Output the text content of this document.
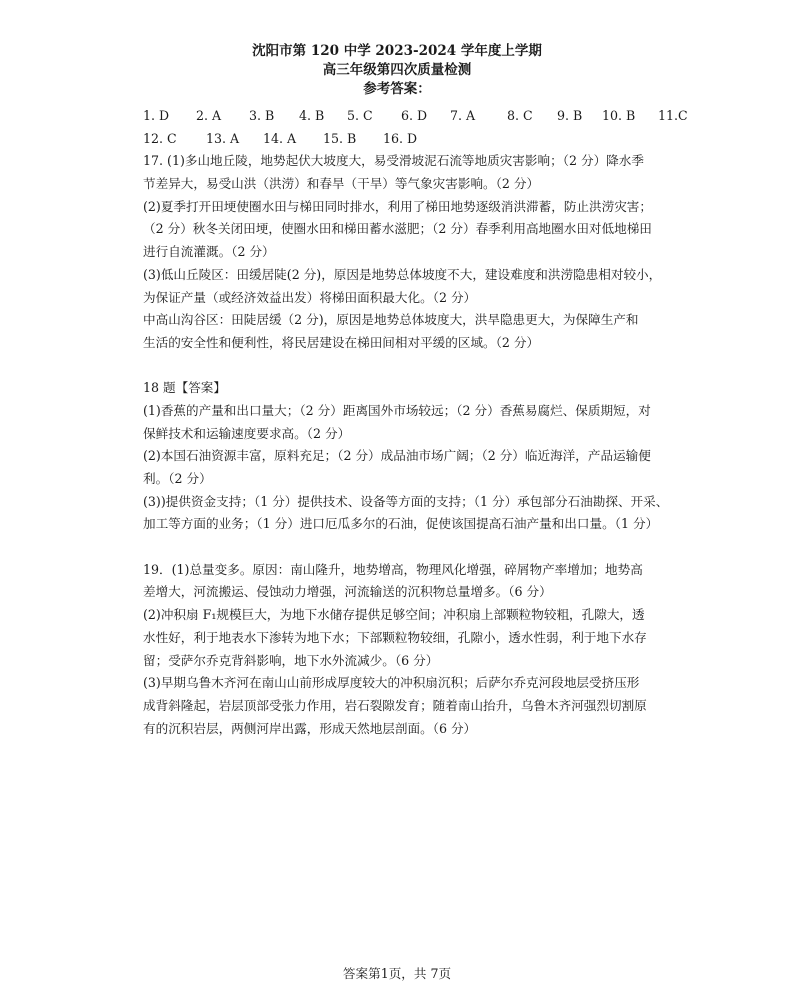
沈阳市第 120 中学 2023-2024 学年度上学期
高三年级第四次质量检测
参考答案：
1. D	2. A	3. B	4. B	5. C	6. D	7. A	8. C	9. B	10. B	11.C
12. C	13. A	14. A	15. B	16. D

17. (1)多山地丘陵，地势起伏大坡度大，易受滑坡泥石流等地质灾害影响；（2 分）降水季

节差异大，易受山洪（洪涝）和春旱（干旱）等气象灾害影响。（2 分）

(2)夏季打开田埂使圈水田与梯田同时排水，利用了梯田地势逐级消洪滞蓄，防止洪涝灾害；

（2 分）秋冬关闭田埂，使圈水田和梯田蓄水滋肥；（2 分）春季利用高地圈水田对低地梯田

进行自流灌溉。（2 分）

(3)低山丘陵区：田缓居陡(2 分)，原因是地势总体坡度不大，建设难度和洪涝隐患相对较小，

为保证产量（或经济效益出发）将梯田面积最大化。（2 分）

中高山沟谷区：田陡居缓（2 分)，原因是地势总体坡度大，洪旱隐患更大，为保障生产和

生活的安全性和便利性，将民居建设在梯田间相对平缓的区域。（2 分）

18 题【答案】

(1)香蕉的产量和出口量大；（2 分）距离国外市场较远；（2 分）香蕉易腐烂、保质期短，对

保鲜技术和运输速度要求高。（2 分）

(2)本国石油资源丰富，原料充足；（2 分）成品油市场广阔；（2 分）临近海洋，产品运输便

利。（2 分）

(3))提供资金支持；（1 分）提供技术、设备等方面的支持；（1 分）承包部分石油勘探、开采、

加工等方面的业务；（1 分）进口厄瓜多尔的石油，促使该国提高石油产量和出口量。（1 分）

19．(1)总量变多。原因：南山隆升，地势增高，物理风化增强，碎屑物产率增加；地势高

差增大，河流搬运、侵蚀动力增强，河流输送的沉积物总量增多。（6 分）

(2)冲积扇 F₁规模巨大，为地下水储存提供足够空间；冲积扇上部颗粒物较粗，孔隙大，透

水性好，利于地表水下渗转为地下水；下部颗粒物较细，孔隙小，透水性弱，利于地下水存

留；受萨尔乔克背斜影响，地下水外流减少。（6 分）

(3)早期乌鲁木齐河在南山山前形成厚度较大的冲积扇沉积；后萨尔乔克河段地层受挤压形

成背斜隆起，岩层顶部受张力作用，岩石裂隙发育；随着南山抬升，乌鲁木齐河强烈切割原

有的沉积岩层，两侧河岸出露，形成天然地层剖面。（6 分）

答案第1页，共 7页
